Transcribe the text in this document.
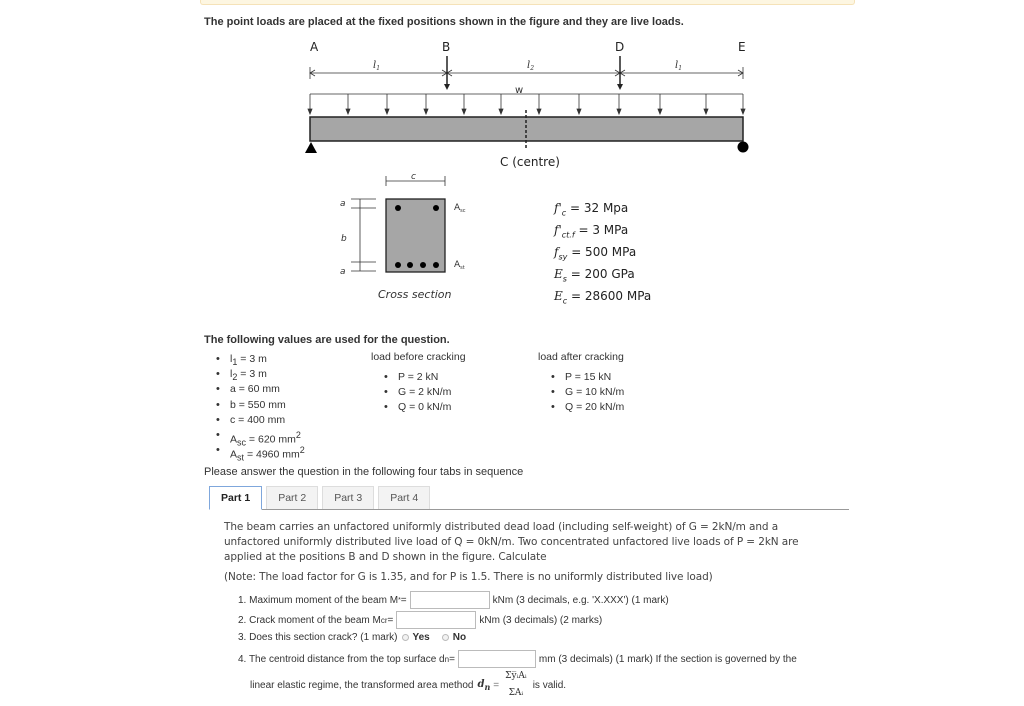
The point loads are placed at the fixed positions shown in the figure and they are live loads.
A	B	D	E
$l_1$	$l_2$	$l_1$
w
C (centre)
c
a
b
a
$A_{sc}$
$A_{st}$
Cross section
$f'_c = 32$ Mpa
$f'_{ct.f} = 3$ MPa
$f_{sy} = 500$ MPa
$E_s = 200$ GPa
$E_c = 28600$ MPa
The following values are used for the question.
• $l_1 = 3$ m
• $l_2 = 3$ m
• a = 60 mm
• b = 550 mm
• c = 400 mm
• $A_{sc} = 620$ $mm^2$
• $A_{st} = 4960$ $mm^2$
load before cracking
• P = 2 kN
• G = 2 kN/m
• Q = 0 kN/m
load after cracking
• P = 15 kN
• G = 10 kN/m
• Q = 20 kN/m
Please answer the question in the following four tabs in sequence
Part 1	Part 2	Part 3	Part 4
The beam carries an unfactored uniformly distributed dead load (including self-weight) of G = 2kN/m and a unfactored uniformly distributed live load of Q = 0kN/m. Two concentrated unfactored live loads of P = 2kN are applied at the positions B and D shown in the figure. Calculate
(Note: The load factor for G is 1.35, and for P is 1.5. There is no uniformly distributed live load)
1. Maximum moment of the beam M * =	kNm (3 decimals, e.g. 'X.XXX') (1 mark)
2. Crack moment of the beam M cr =	kNm (3 decimals) (2 marks)
3. Does this section crack? (1 mark) Yes No
4. The centroid distance from the top surface d n =	mm (3 decimals) (1 mark) If the section is governed by the
linear elastic regime, the transformed area method $d_n$ =
Σy̅ᵢAᵢ
ΣAᵢ
is valid.
